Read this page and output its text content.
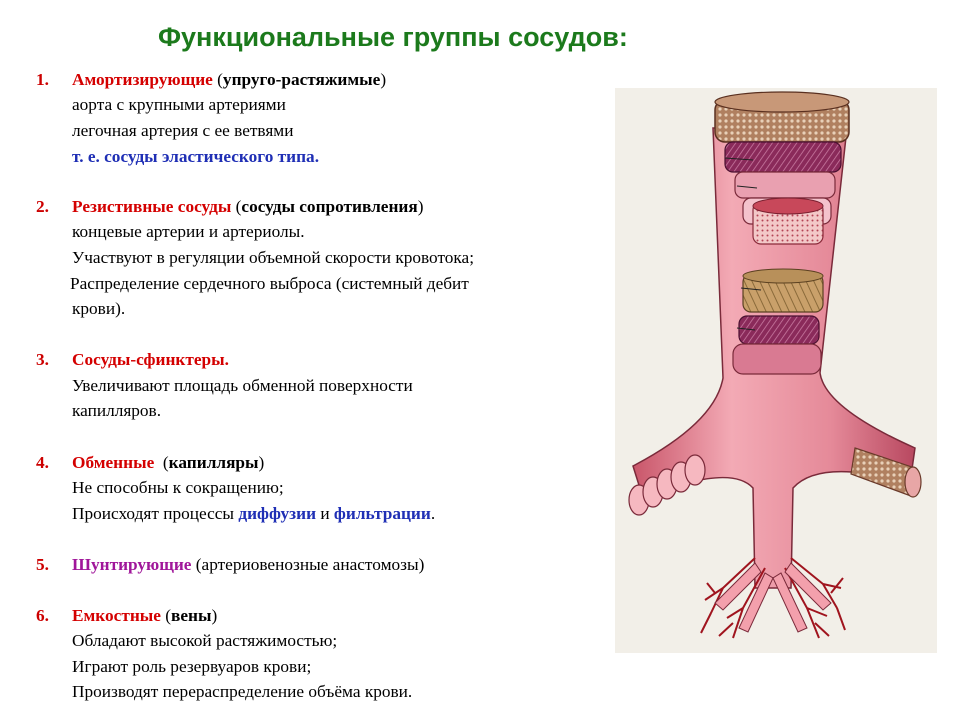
Функциональные группы сосудов:
1. Амортизирующие (упруго-растяжимые)
аорта с крупными артериями
легочная артерия с ее ветвями
т. е. сосуды эластического типа.
2. Резистивные сосуды (сосуды сопротивления)
концевые артерии и артериолы.
Участвуют в регуляции объемной скорости кровотока;
Распределение сердечного выброса (системный дебит
крови).
3. Сосуды-сфинктеры.
Увеличивают площадь обменной поверхности
капилляров.
4. Обменные  (капилляры)
Не способны к сокращению;
Происходят процессы диффузии и фильтрации.
5. Шунтирующие (артериовенозные анастомозы)
6. Емкостные (вены)
Обладают высокой растяжимостью;
Играют роль резервуаров крови;
Производят перераспределение объёма крови.
